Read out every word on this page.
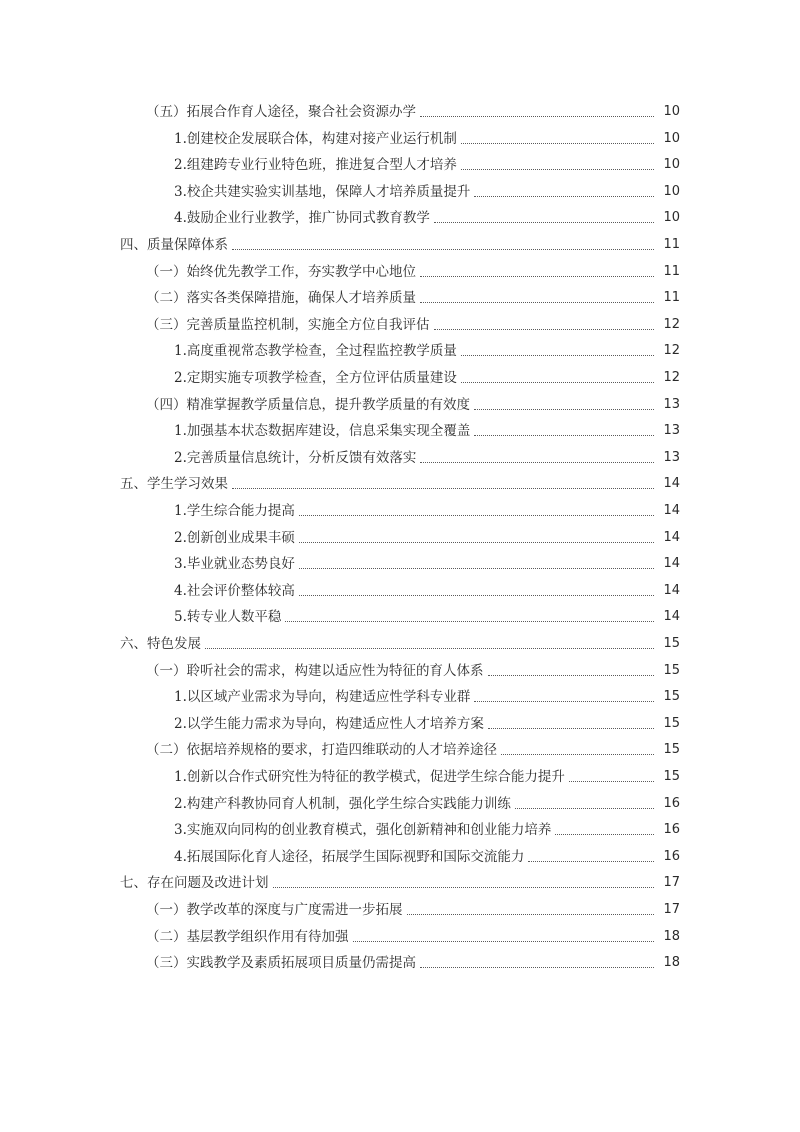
（五）拓展合作育人途径，聚合社会资源办学	10
1.创建校企发展联合体，构建对接产业运行机制	10
2.组建跨专业行业特色班，推进复合型人才培养	10
3.校企共建实验实训基地，保障人才培养质量提升	10
4.鼓励企业行业教学，推广协同式教育教学	10
四、质量保障体系	11
（一）始终优先教学工作，夯实教学中心地位	11
（二）落实各类保障措施，确保人才培养质量	11
（三）完善质量监控机制，实施全方位自我评估	12
1.高度重视常态教学检查，全过程监控教学质量	12
2.定期实施专项教学检查，全方位评估质量建设	12
（四）精准掌握教学质量信息，提升教学质量的有效度	13
1.加强基本状态数据库建设，信息采集实现全覆盖	13
2.完善质量信息统计，分析反馈有效落实	13
五、学生学习效果	14
1.学生综合能力提高	14
2.创新创业成果丰硕	14
3.毕业就业态势良好	14
4.社会评价整体较高	14
5.转专业人数平稳	14
六、特色发展	15
（一）聆听社会的需求，构建以适应性为特征的育人体系	15
1.以区域产业需求为导向，构建适应性学科专业群	15
2.以学生能力需求为导向，构建适应性人才培养方案	15
（二）依据培养规格的要求，打造四维联动的人才培养途径	15
1.创新以合作式研究性为特征的教学模式，促进学生综合能力提升	15
2.构建产科教协同育人机制，强化学生综合实践能力训练	16
3.实施双向同构的创业教育模式，强化创新精神和创业能力培养	16
4.拓展国际化育人途径，拓展学生国际视野和国际交流能力	16
七、存在问题及改进计划	17
（一）教学改革的深度与广度需进一步拓展	17
（二）基层教学组织作用有待加强	18
（三）实践教学及素质拓展项目质量仍需提高	18
